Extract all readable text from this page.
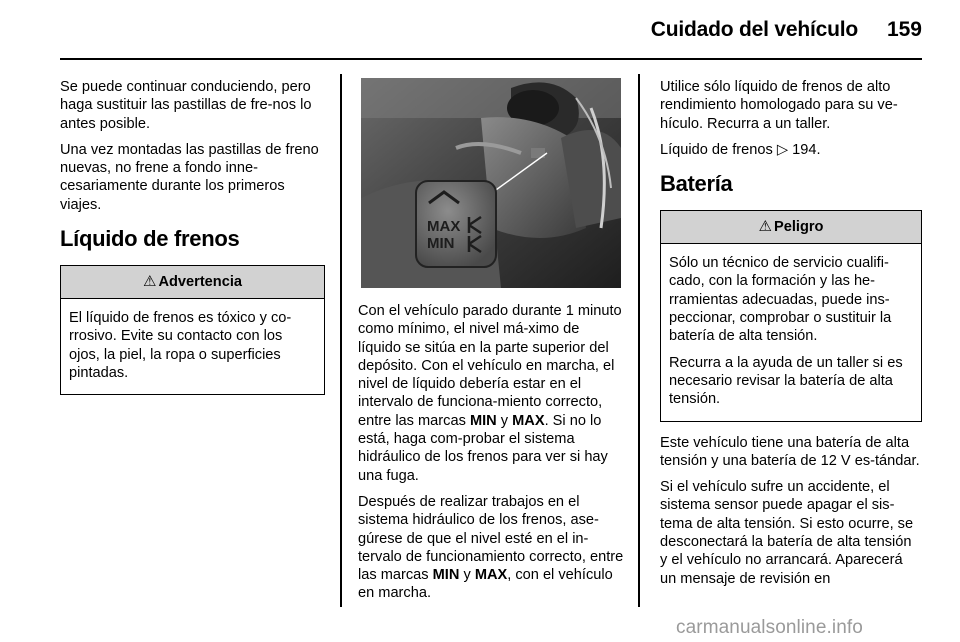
Cuidado del vehículo	159

Se puede continuar conduciendo, pero haga sustituir las pastillas de fre-nos lo antes posible.

Una vez montadas las pastillas de freno nuevas, no frene a fondo inne-cesariamente durante los primeros viajes.

Líquido de frenos
⚠ Advertencia

El líquido de frenos es tóxico y co-rrosivo. Evite su contacto con los ojos, la piel, la ropa o superficies pintadas.

MAX
MIN

Con el vehículo parado durante 1 minuto como mínimo, el nivel má-ximo de líquido se sitúa en la parte superior del depósito. Con el vehículo en marcha, el nivel de líquido debería estar en el intervalo de funciona-miento correcto, entre las marcas MIN y MAX. Si no lo está, haga com-probar el sistema hidráulico de los frenos para ver si hay una fuga.

Después de realizar trabajos en el sistema hidráulico de los frenos, ase-gúrese de que el nivel esté en el in-tervalo de funcionamiento correcto, entre las marcas MIN y MAX, con el vehículo en marcha.

Utilice sólo líquido de frenos de alto rendimiento homologado para su ve-hículo. Recurra a un taller.

Líquido de frenos ▷ 194.

Batería
⚠ Peligro

Sólo un técnico de servicio cualifi-cado, con la formación y las he-rramientas adecuadas, puede ins-peccionar, comprobar o sustituir la batería de alta tensión.

Recurra a la ayuda de un taller si es necesario revisar la batería de alta tensión.

Este vehículo tiene una batería de alta tensión y una batería de 12 V es-tándar.

Si el vehículo sufre un accidente, el sistema sensor puede apagar el sis-tema de alta tensión. Si esto ocurre, se desconectará la batería de alta tensión y el vehículo no arrancará. Aparecerá un mensaje de revisión en

carmanualsonline.info
